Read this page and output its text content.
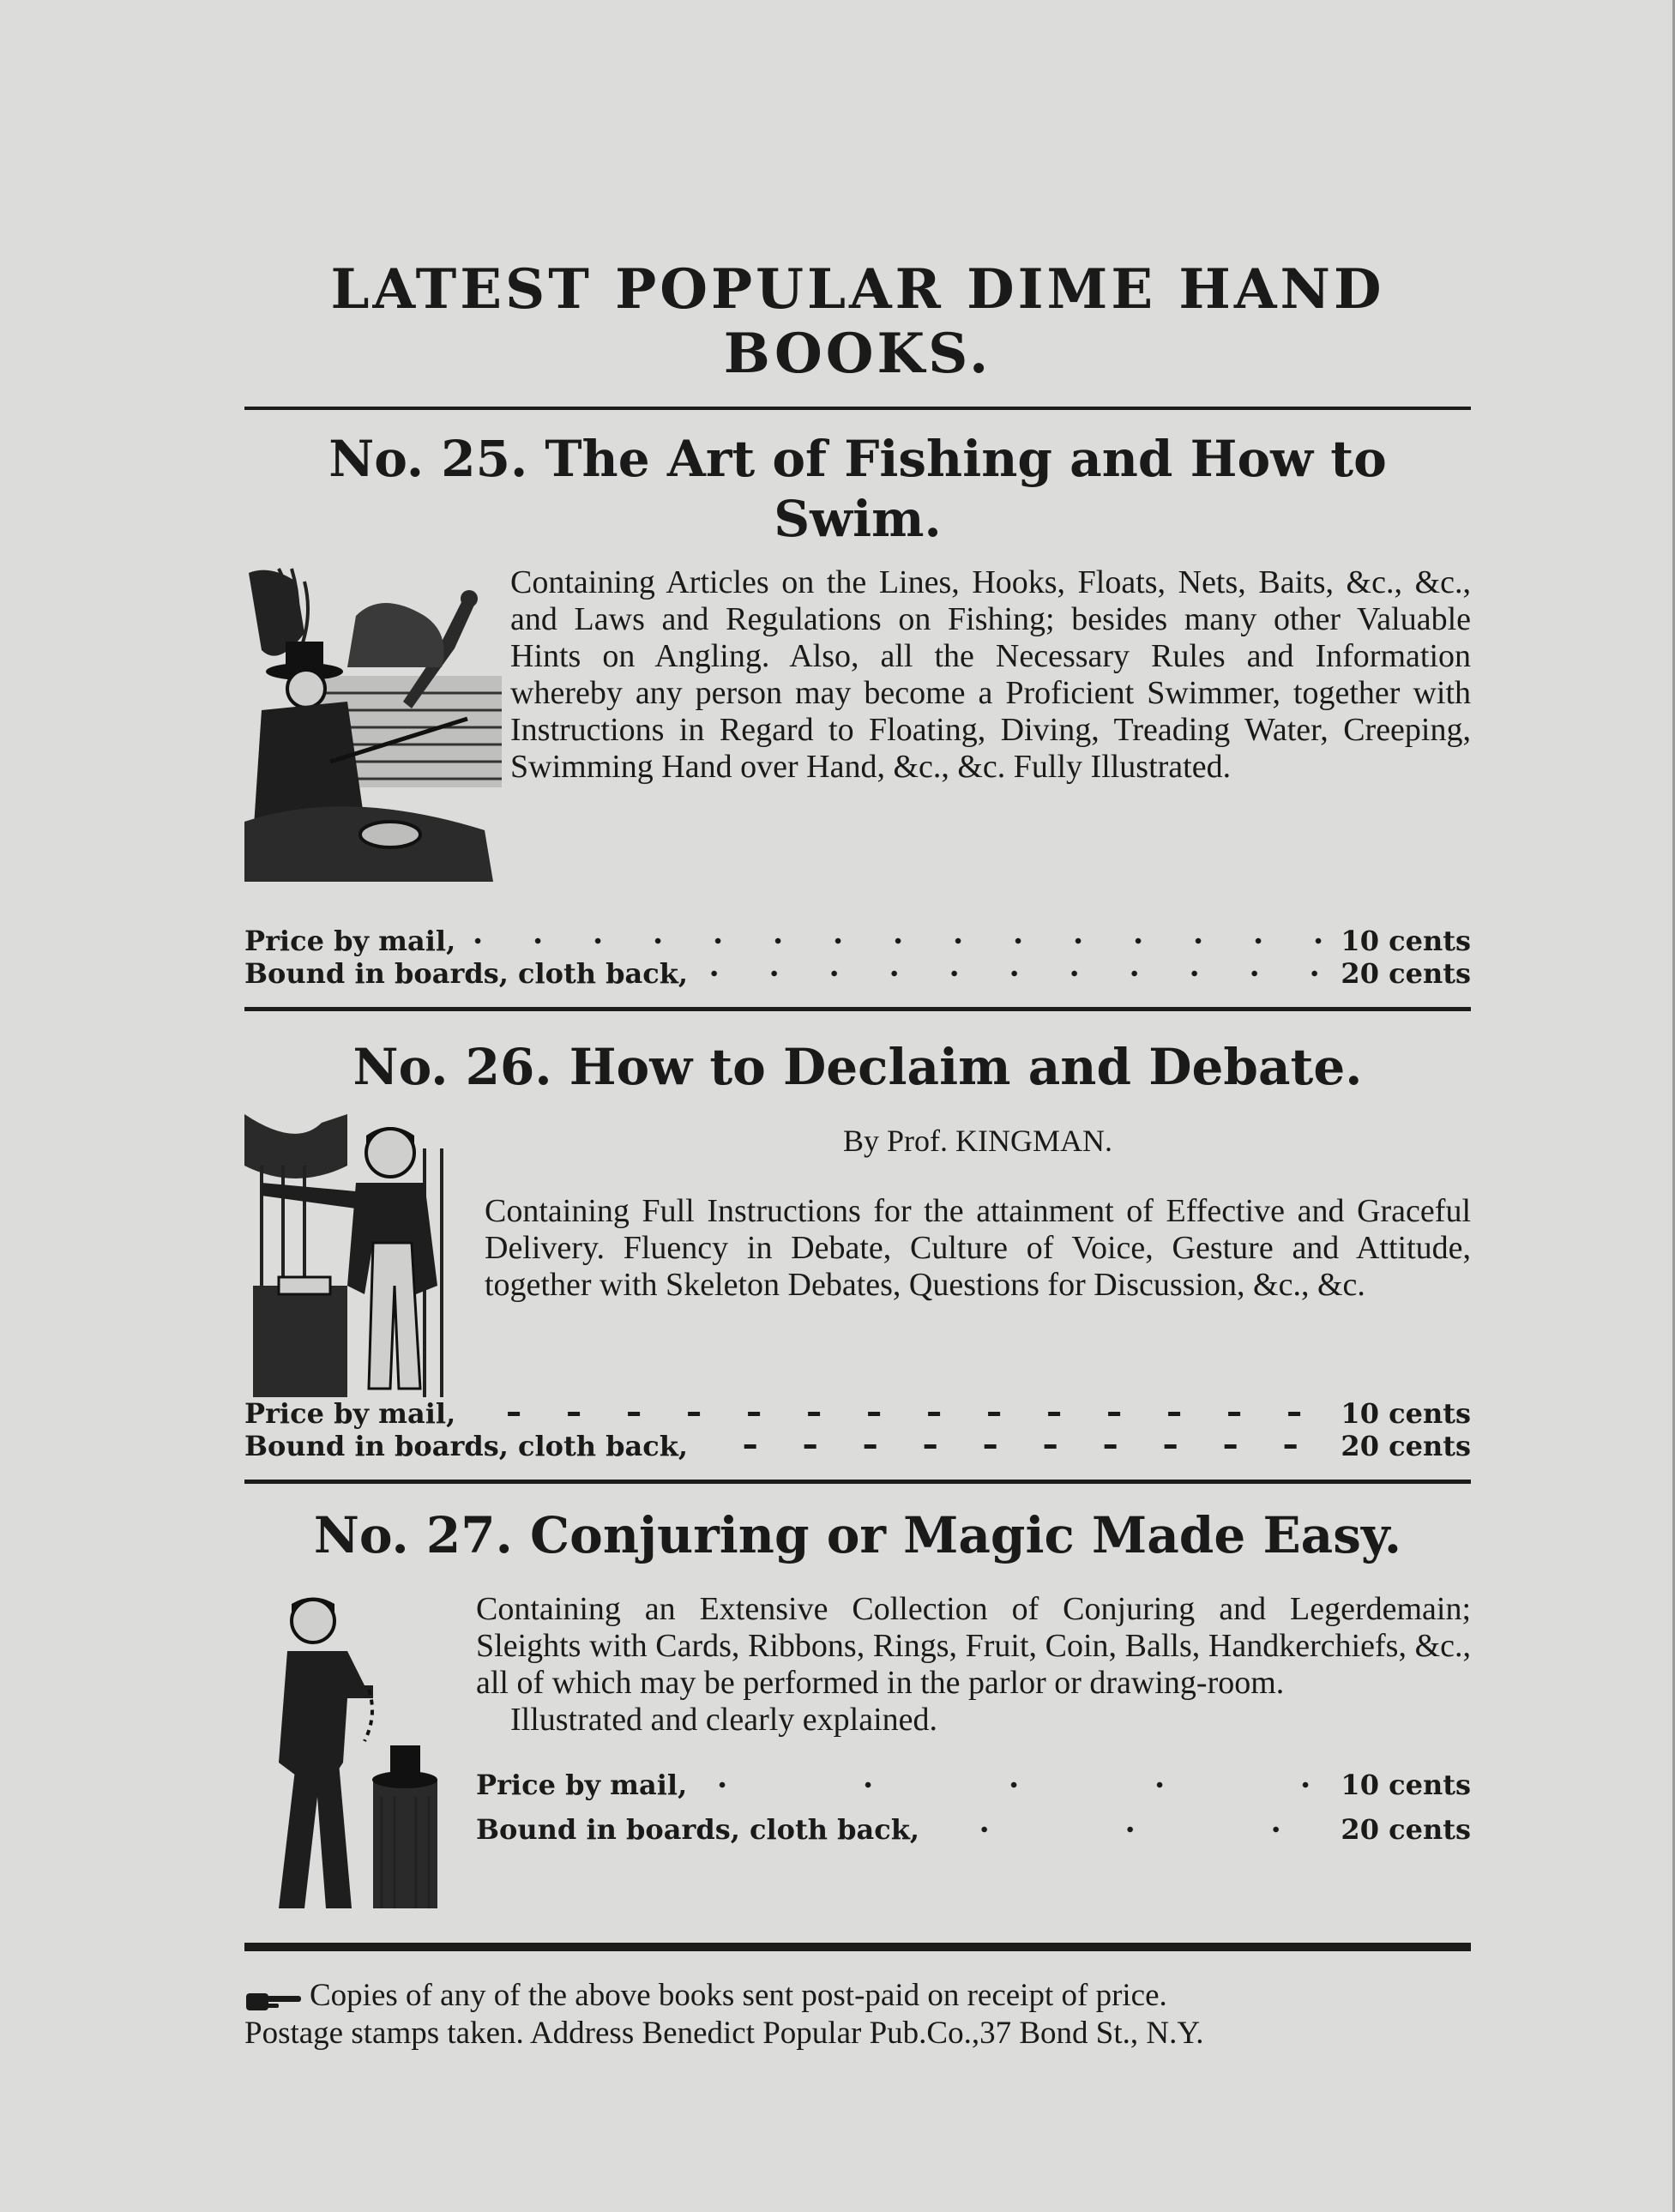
LATEST POPULAR DIME HAND BOOKS.
No. 25. The Art of Fishing and How to Swim.

Containing Articles on the Lines, Hooks, Floats, Nets, Baits, &c., &c., and Laws and Regulations on Fishing; besides many other Valuable Hints on Angling. Also, all the Necessary Rules and Information whereby any person may become a Proficient Swimmer, together with Instructions in Regard to Floating, Diving, Treading Water, Creeping, Swimming Hand over Hand, &c., &c. Fully Illustrated.

Price by mail,	10 cents
Bound in boards, cloth back,	20 cents
No. 26. How to Declaim and Debate.

By Prof. KINGMAN.

Containing Full Instructions for the attainment of Effective and Graceful Delivery. Fluency in Debate, Culture of Voice, Gesture and Attitude, together with Skeleton Debates, Questions for Discussion, &c., &c.

Price by mail,	10 cents
Bound in boards, cloth back,	20 cents
No. 27. Conjuring or Magic Made Easy.

Containing an Extensive Collection of Conjuring and Legerdemain; Sleights with Cards, Ribbons, Rings, Fruit, Coin, Balls, Handkerchiefs, &c., all of which may be performed in the parlor or drawing-room.

Illustrated and clearly explained.

Price by mail,	10 cents
Bound in boards, cloth back,	20 cents
Copies of any of the above books sent post-paid on receipt of price.
Postage stamps taken. Address Benedict Popular Pub.Co.,37 Bond St., N.Y.
